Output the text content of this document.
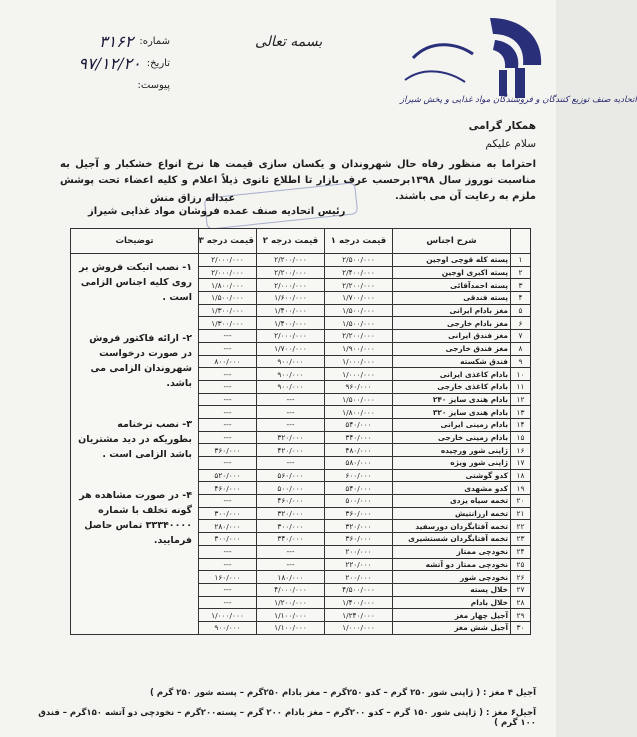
اتحادیه صنف توزیع کنندگان و فروشندگان مواد غذایی و پخش شیراز
بسمه تعالی
شماره:
۳۱۶۲
تاریخ:
۹۷/۱۲/۲۰
پیوست:
همکار گرامی
سلام علیکم
احتراما به منظور رفاه حال شهروندان و یکسان سازی قیمت ها نرخ انواع خشکبار و آجیل به مناسبت نوروز سال ۱۳۹۸برحسب عرف بازار تا اطلاع ثانوی ذیلاً اعلام و کلیه اعضاء تحت پوشش ملزم به رعایت آن می باشند.
عبداله رزاق منش
رئیس اتحادیه صنف عمده فروشان مواد غذایی شیراز
	شرح اجناس	قیمت درجه ۱	قیمت درجه ۲	قیمت درجه ۳	توضیحات
۱	پسته کله قوچی اوجین	۲/۵۰۰/۰۰۰	۲/۲۰۰/۰۰۰	۲/۰۰۰/۰۰۰	۱- نصب اتیکت فروش بر روی کلیه اجناس الزامی است .
۲- ارائه فاکتور فروش در صورت درخواست شهروندان الزامی می باشد.
۳- نصب نرخنامه بطوریکه در دید مشتریان باشد الزامی است .
۴- در صورت مشاهده هر گونه تخلف با شماره ۳۳۳۴۰۰۰۰ تماس حاصل فرمایید.

۲	پسته اکبری اوجین	۲/۴۰۰/۰۰۰	۲/۲۰۰/۰۰۰	۲/۰۰۰/۰۰۰	
۳	پسته احمدآقائی	۲/۲۰۰/۰۰۰	۲/۰۰۰/۰۰۰	۱/۸۰۰/۰۰۰	
۴	پسته فندقی	۱/۷۰۰/۰۰۰	۱/۶۰۰/۰۰۰	۱/۵۰۰/۰۰۰	
۵	مغز بادام ایرانی	۱/۵۰۰/۰۰۰	۱/۴۰۰/۰۰۰	۱/۳۰۰/۰۰۰	
۶	مغز بادام خارجی	۱/۵۰۰/۰۰۰	۱/۴۰۰/۰۰۰	۱/۳۰۰/۰۰۰	
۷	مغز فندق ایرانی	۲/۲۰۰/۰۰۰	۲/۰۰۰/۰۰۰	---	
۸	مغز فندق خارجی	۱/۹۰۰/۰۰۰	۱/۷۰۰/۰۰۰	---	
۹	فندق شکسته	۱/۰۰۰/۰۰۰	۹۰۰/۰۰۰	۸۰۰/۰۰۰	
۱۰	بادام کاغذی ایرانی	۱/۰۰۰/۰۰۰	۹۰۰/۰۰۰	---	
۱۱	بادام کاغذی خارجی	۹۶۰/۰۰۰	۹۰۰/۰۰۰	---	
۱۲	بادام هندی سایز ۲۴۰	۱/۵۰۰/۰۰۰	---	---	
۱۳	بادام هندی سایز ۳۲۰	۱/۸۰۰/۰۰۰	---	---	
۱۴	بادام زمینی ایرانی	۵۴۰/۰۰۰	---	---	
۱۵	بادام زمینی خارجی	۳۴۰/۰۰۰	۳۲۰/۰۰۰	---	
۱۶	ژاپنی شور ورچیده	۴۸۰/۰۰۰	۴۲۰/۰۰۰	۳۶۰/۰۰۰	
۱۷	ژاپنی شور ویژه	۵۸۰/۰۰۰	---	---	
۱۸	کدو گوشتی	۶۰۰/۰۰۰	۵۶۰/۰۰۰	۵۲۰/۰۰۰	
۱۹	کدو مشهدی	۵۴۰/۰۰۰	۵۰۰/۰۰۰	۴۶۰/۰۰۰	
۲۰	تخمه سیاه یزدی	۵۰۰/۰۰۰	۴۶۰/۰۰۰	---	
۲۱	تخمه ارزانتیش	۳۶۰/۰۰۰	۳۲۰/۰۰۰	۳۰۰/۰۰۰	
۲۲	تخمه آفتابگردان دورسفید	۳۲۰/۰۰۰	۳۰۰/۰۰۰	۲۸۰/۰۰۰	
۲۳	تخمه آفتابگردان شستشیری	۳۶۰/۰۰۰	۳۴۰/۰۰۰	۳۰۰/۰۰۰	
۲۴	نخودچی ممتاز	۲۰۰/۰۰۰	---	---	
۲۵	نخودچی ممتاز دو آتشه	۲۲۰/۰۰۰	---	---	
۲۶	نخودچی شور	۲۰۰/۰۰۰	۱۸۰/۰۰۰	۱۶۰/۰۰۰	
۲۷	خلال پسته	۴/۵۰۰/۰۰۰	۴/۰۰۰/۰۰۰	---	
۲۸	خلال بادام	۱/۴۰۰/۰۰۰	۱/۲۰۰/۰۰۰	---	
۲۹	آجیل چهار مغز	۱/۲۴۰/۰۰۰	۱/۱۰۰/۰۰۰	۱/۰۰۰/۰۰۰	
۳۰	آجیل شش مغز	۱/۰۰۰/۰۰۰	۱/۱۰۰/۰۰۰	۹۰۰/۰۰۰	
آجیل ۴ مغز : ( ژاپنی شور ۲۵۰ گرم – کدو ۲۵۰گرم – مغز بادام ۲۵۰گرم – پسته شور ۲۵۰ گرم )
آجیل۶ مغز : ( ژاپنی شور ۱۵۰ گرم – کدو ۲۰۰گرم – مغز بادام ۲۰۰ گرم – پسته۲۰۰گرم – نخودچی دو آتشه ۱۵۰گرم – فندق ۱۰۰ گرم )
